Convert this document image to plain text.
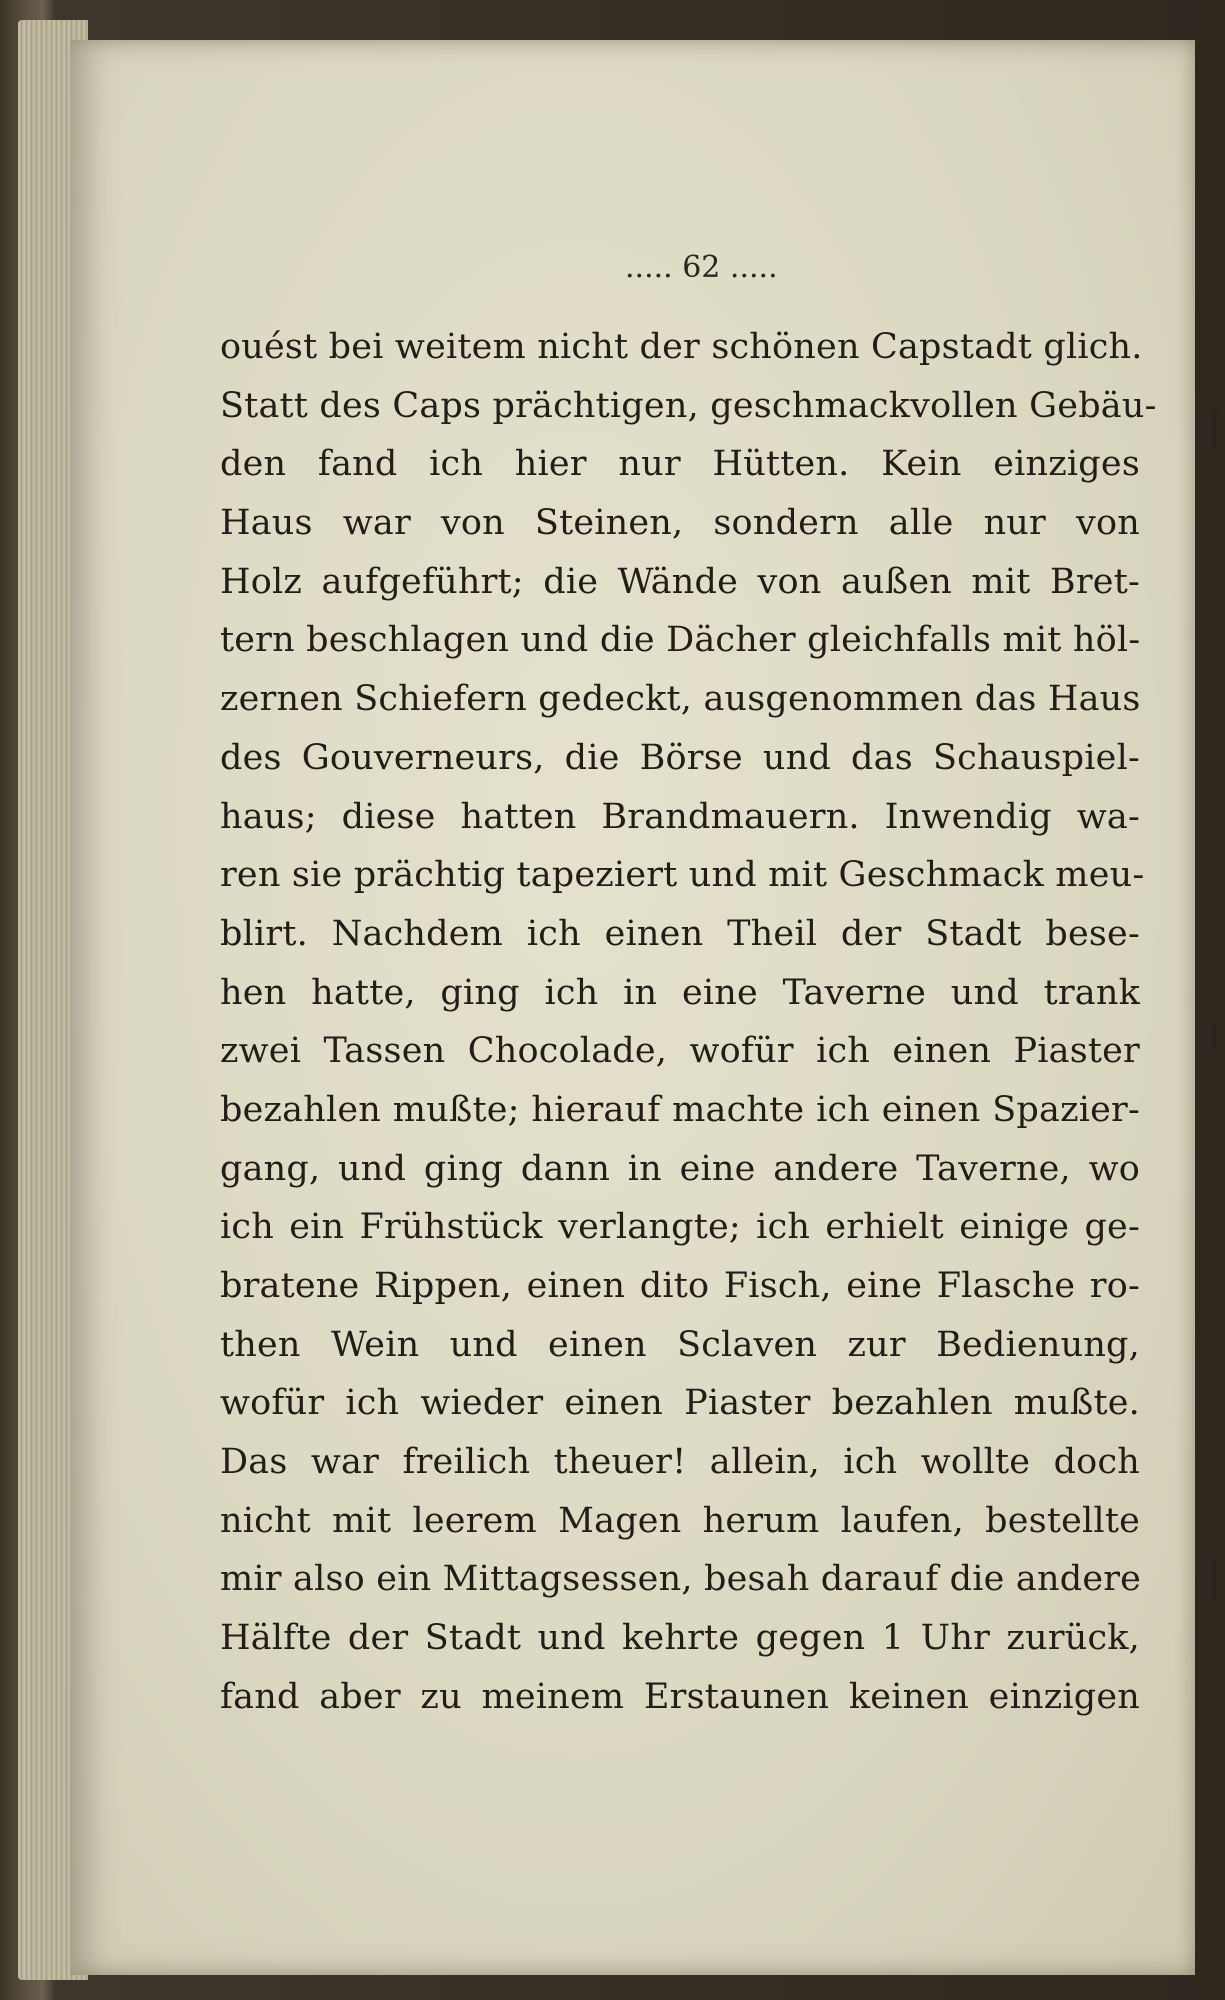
..... 62 .....
ouést bei weitem nicht der schönen Capstadt glich.
Statt des Caps prächtigen, geschmackvollen Gebäu-
den fand ich hier nur Hütten. Kein einziges
Haus war von Steinen, sondern alle nur von
Holz aufgeführt; die Wände von außen mit Bret-
tern beschlagen und die Dächer gleichfalls mit höl-
zernen Schiefern gedeckt, ausgenommen das Haus
des Gouverneurs, die Börse und das Schauspiel-
haus; diese hatten Brandmauern. Inwendig wa-
ren sie prächtig tapeziert und mit Geschmack meu-
blirt. Nachdem ich einen Theil der Stadt bese-
hen hatte, ging ich in eine Taverne und trank
zwei Tassen Chocolade, wofür ich einen Piaster
bezahlen mußte; hierauf machte ich einen Spazier-
gang, und ging dann in eine andere Taverne, wo
ich ein Frühstück verlangte; ich erhielt einige ge-
bratene Rippen, einen dito Fisch, eine Flasche ro-
then Wein und einen Sclaven zur Bedienung,
wofür ich wieder einen Piaster bezahlen mußte.
Das war freilich theuer! allein, ich wollte doch
nicht mit leerem Magen herum laufen, bestellte
mir also ein Mittagsessen, besah darauf die andere
Hälfte der Stadt und kehrte gegen 1 Uhr zurück,
fand aber zu meinem Erstaunen keinen einzigen
